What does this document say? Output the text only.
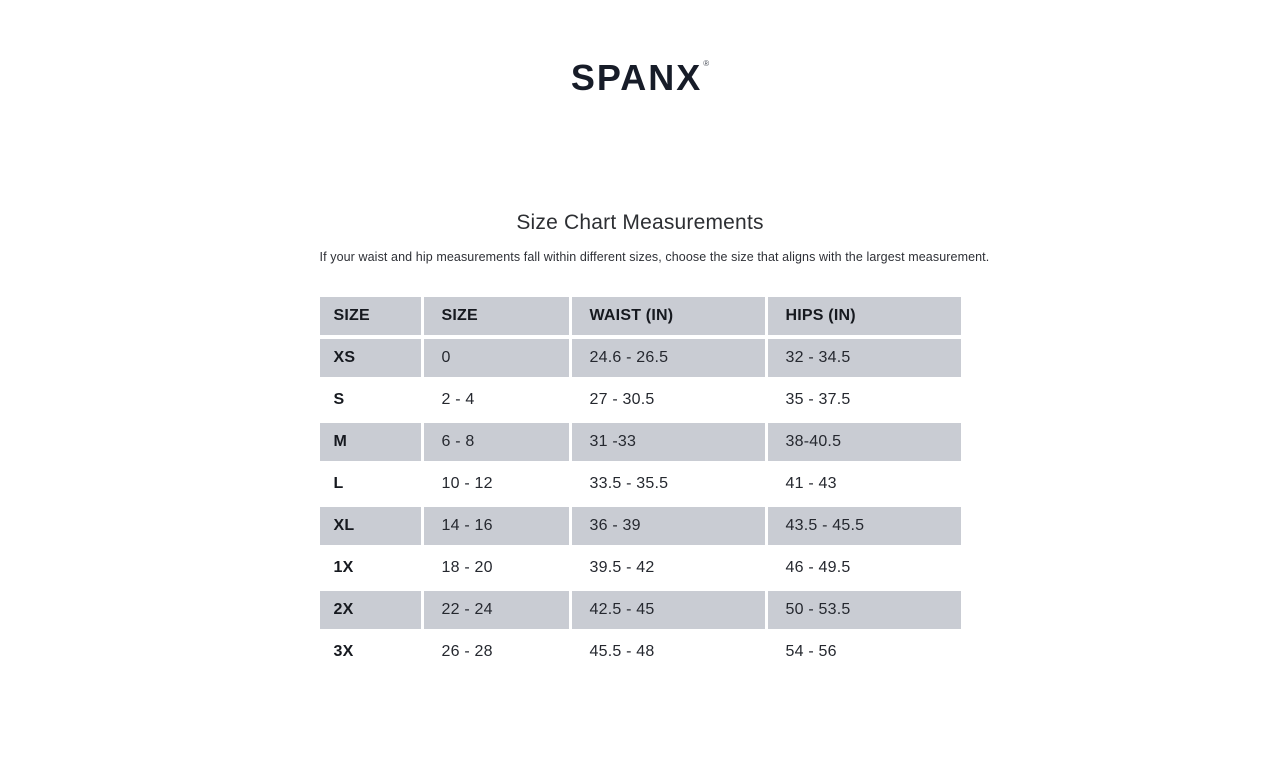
SPANX®
Size Chart Measurements
If your waist and hip measurements fall within different sizes, choose the size that aligns with the largest measurement.
SIZE	SIZE	WAIST (IN)	HIPS (IN)
XS	0	24.6 - 26.5	32 - 34.5
S	2 - 4	27 - 30.5	35 - 37.5
M	6 - 8	31 -33	38-40.5
L	10 - 12	33.5 - 35.5	41 - 43
XL	14 - 16	36 - 39	43.5 - 45.5
1X	18 - 20	39.5 - 42	46 - 49.5
2X	22 - 24	42.5 - 45	50 - 53.5
3X	26 - 28	45.5 - 48	54 - 56
